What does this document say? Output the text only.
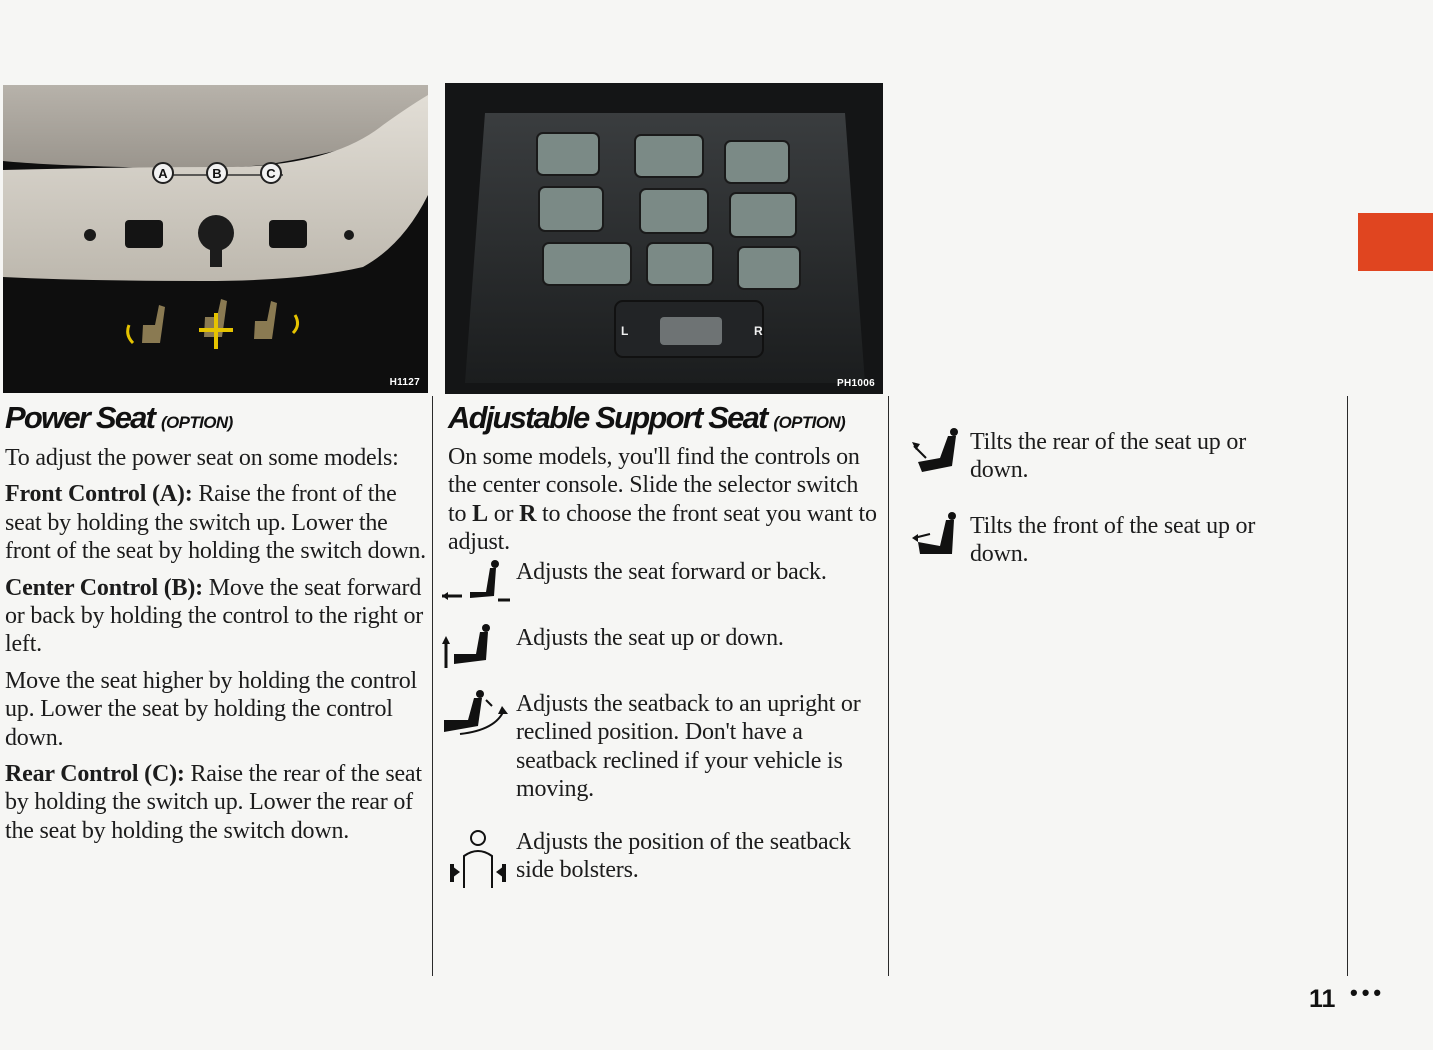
A	B	C
H1127
L	R
PH1006
Power Seat (OPTION)

To adjust the power seat on some models:

Front Control (A): Raise the front of the seat by holding the switch up. Lower the front of the seat by holding the switch down.

Center Control (B): Move the seat forward or back by holding the control to the right or left.

Move the seat higher by holding the control up. Lower the seat by holding the control down.

Rear Control (C): Raise the rear of the seat by holding the switch up. Lower the rear of the seat by holding the switch down.

Adjustable Support Seat (OPTION)
On some models, you'll find the controls on the center console. Slide the selector switch to L or R to choose the front seat you want to adjust.
Adjusts the seat forward or back.
Adjusts the seat up or down.
Adjusts the seatback to an upright or reclined position. Don't have a seatback reclined if your vehicle is moving.
Adjusts the position of the seatback side bolsters.
Tilts the rear of the seat up or down.
Tilts the front of the seat up or down.
11 •••
